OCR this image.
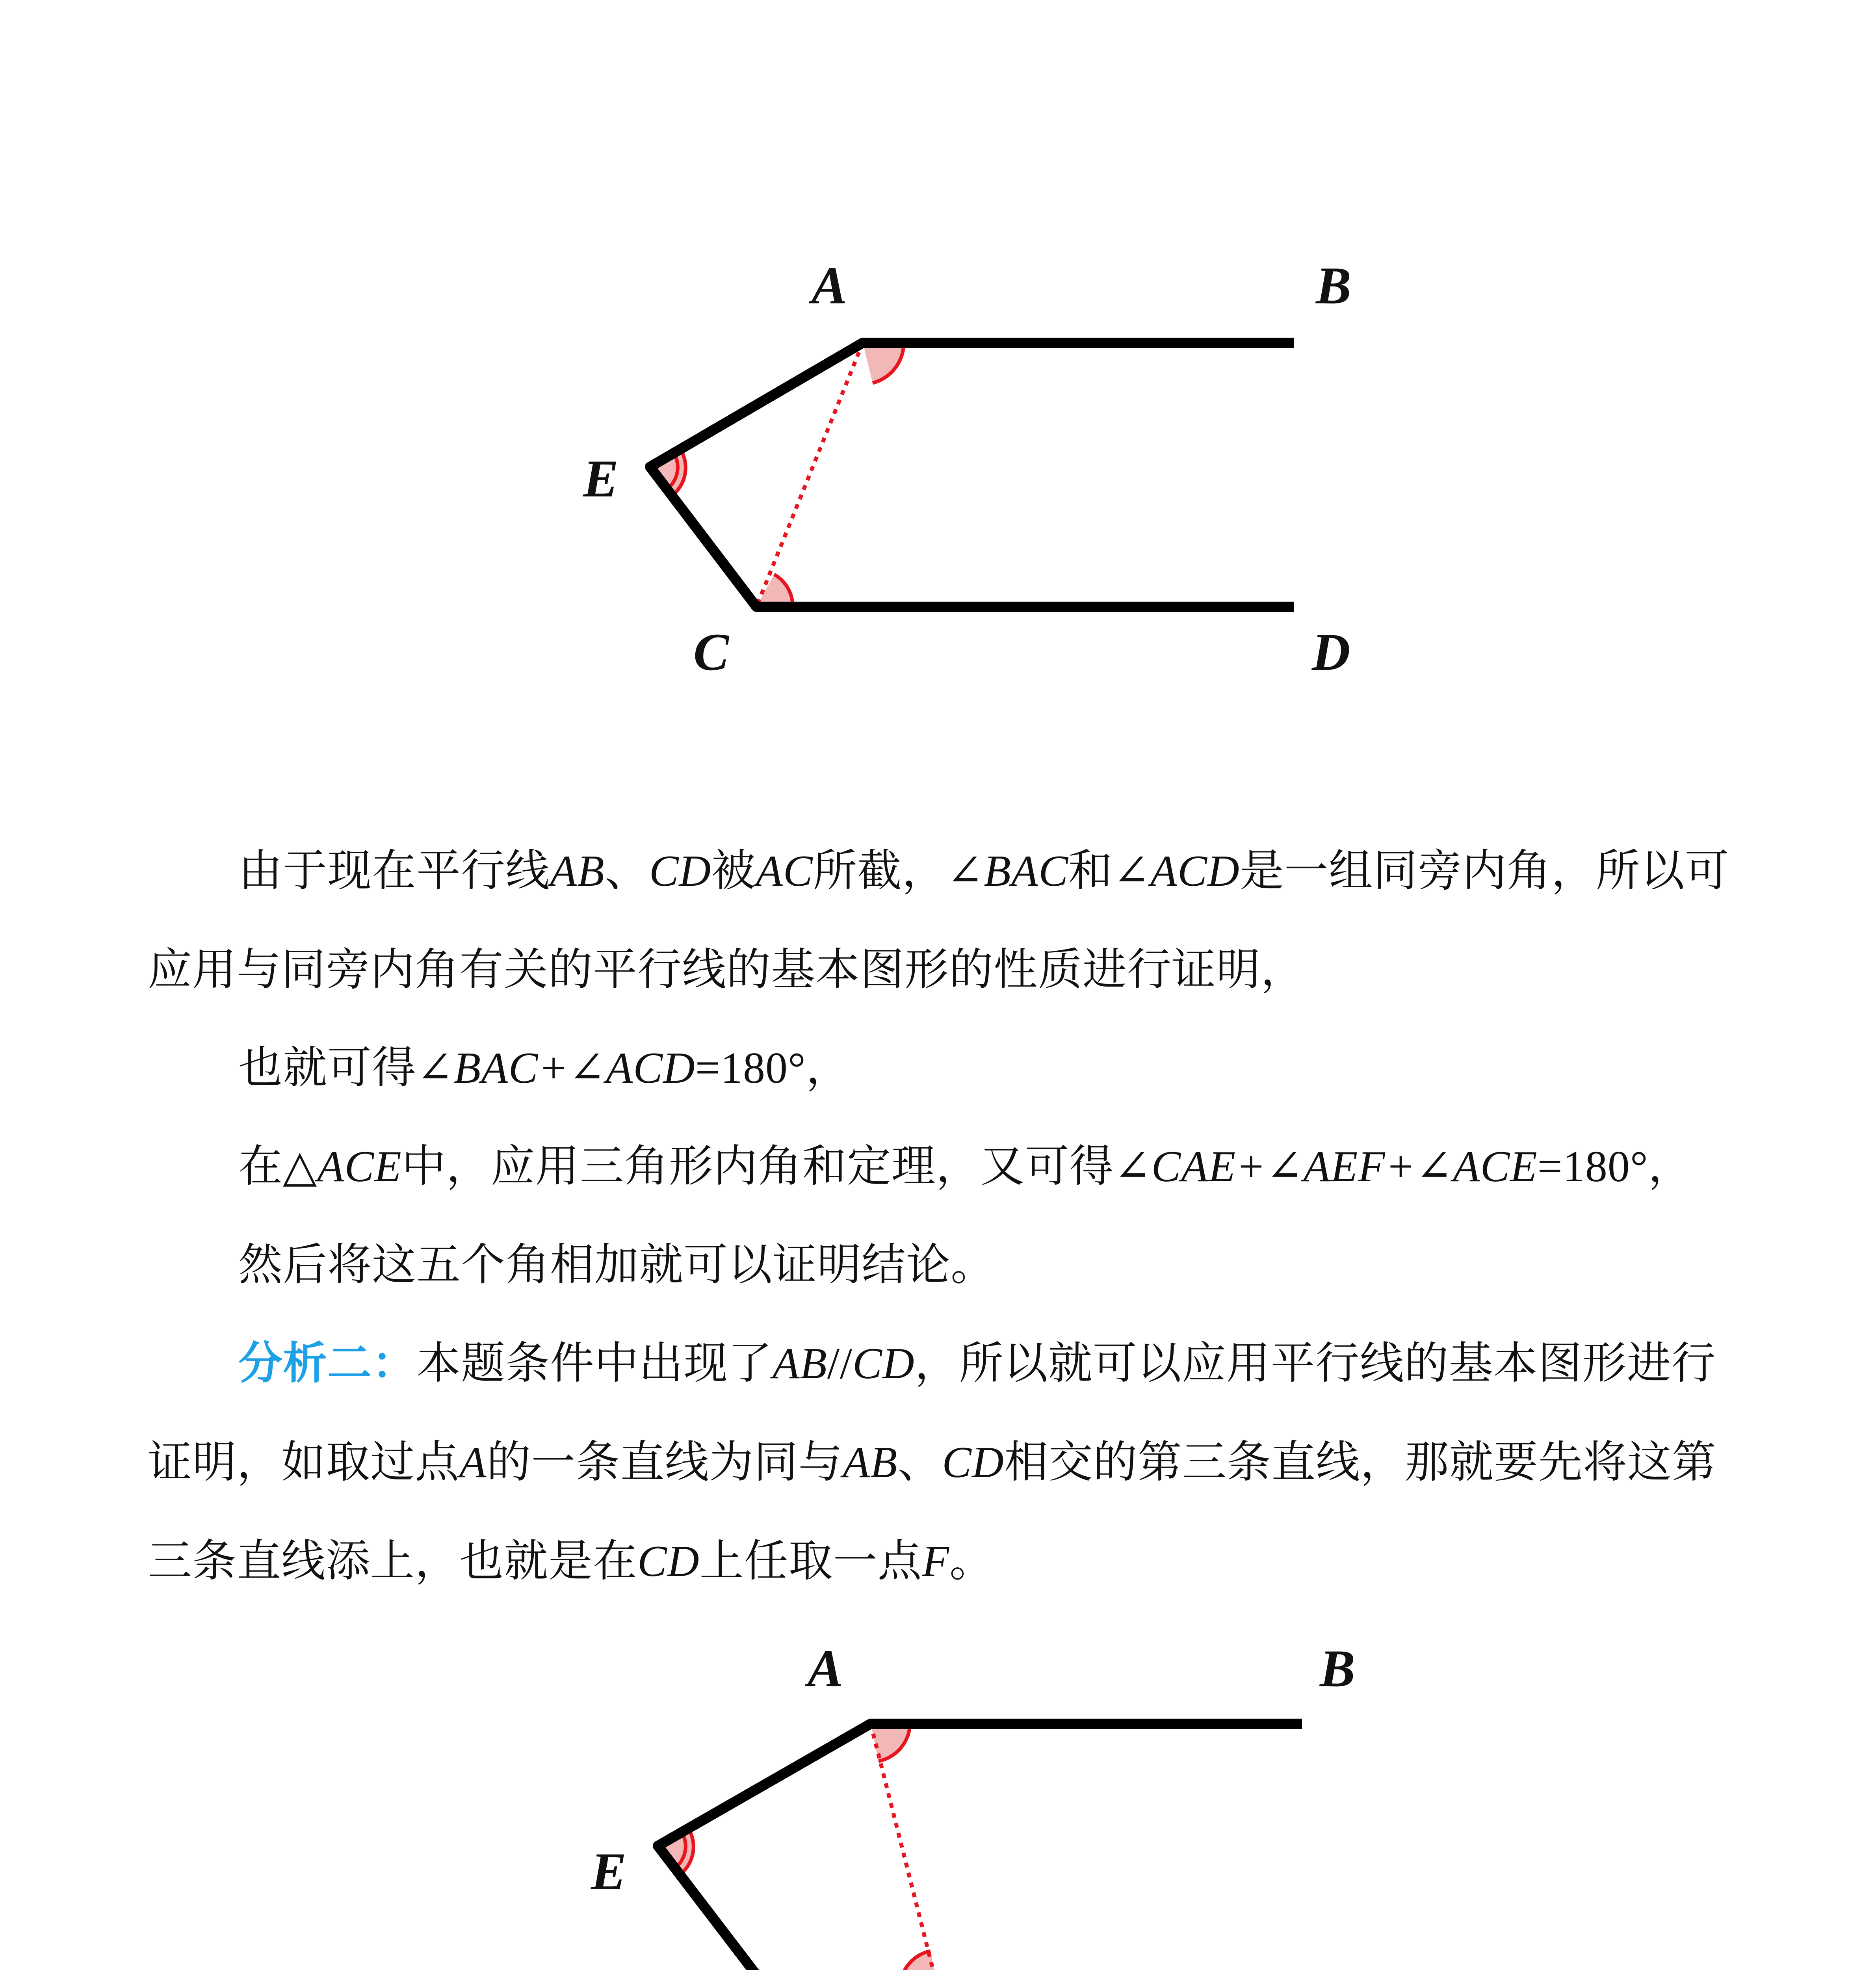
A	B
E
C	D

由于现在平行线AB、CD被AC所截，∠BAC和∠ACD是一组同旁内角，所以可应用与同旁内角有关的平行线的基本图形的性质进行证明，

也就可得∠BAC+∠ACD=180°，

在△ACE中，应用三角形内角和定理，又可得∠CAE+∠AEF+∠ACE=180°，

然后将这五个角相加就可以证明结论。

分析二：本题条件中出现了AB//CD，所以就可以应用平行线的基本图形进行证明，如取过点A的一条直线为同与AB、CD相交的第三条直线，那就要先将这第三条直线添上，也就是在CD上任取一点F。

A	B
E
